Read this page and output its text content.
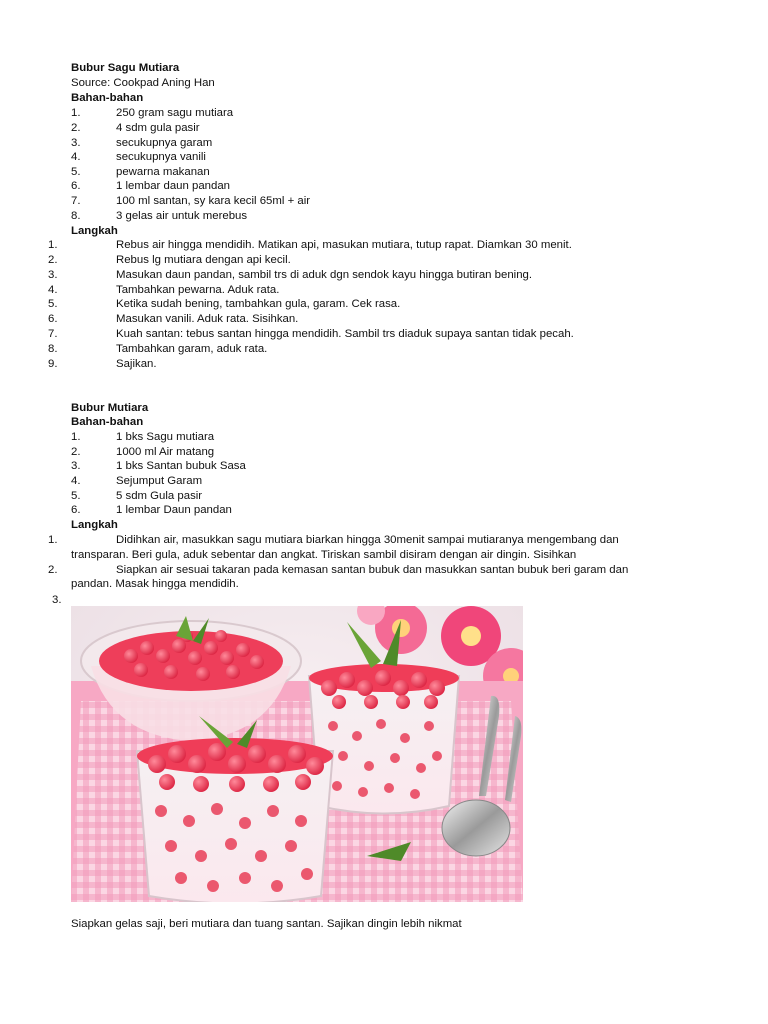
Bubur Sagu Mutiara
Source: Cookpad Aning Han
Bahan-bahan
1.	250 gram sagu mutiara
2.	4 sdm gula pasir
3.	secukupnya garam
4.	secukupnya vanili
5.	pewarna makanan
6.	1 lembar daun pandan
7.	100 ml santan, sy kara kecil 65ml + air
8.	3 gelas air untuk merebus
Langkah
1.	Rebus air hingga mendidih. Matikan api, masukan mutiara, tutup rapat. Diamkan 30 menit.
2.	Rebus lg mutiara dengan api kecil.
3.	Masukan daun pandan, sambil trs di aduk dgn sendok kayu hingga butiran bening.
4.	Tambahkan pewarna. Aduk rata.
5.	Ketika sudah bening, tambahkan gula, garam. Cek rasa.
6.	Masukan vanili. Aduk rata. Sisihkan.
7.	Kuah santan: tebus santan hingga mendidih. Sambil trs diaduk supaya santan tidak pecah.
8.	Tambahkan garam, aduk rata.
9.	Sajikan.
Bubur Mutiara
Bahan-bahan
1.	1 bks Sagu mutiara
2.	1000 ml Air matang
3.	1 bks Santan bubuk Sasa
4.	Sejumput Garam
5.	5 sdm Gula pasir
6.	1 lembar Daun pandan
Langkah
1.	Didihkan air, masukkan sagu mutiara biarkan hingga 30menit sampai mutiaranya mengembang dan
transparan. Beri gula, aduk sebentar dan angkat. Tiriskan sambil disiram dengan air dingin. Sisihkan
2.	Siapkan air sesuai takaran pada kemasan santan bubuk dan masukkan santan bubuk beri garam dan
pandan. Masak hingga mendidih.
3.
Siapkan gelas saji, beri mutiara dan tuang santan. Sajikan dingin lebih nikmat
